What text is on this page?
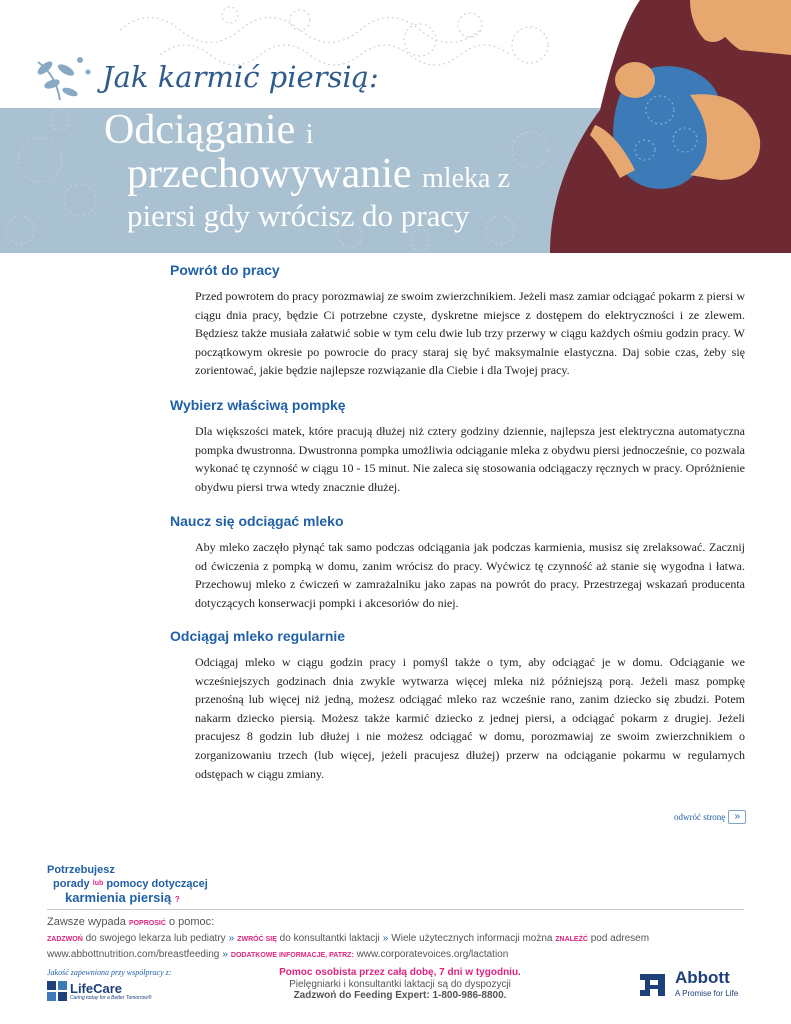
Jak karmić piersią:
Odciąganie i
przechowywanie mleka z
piersi gdy wrócisz do pracy
Powrót do pracy

Przed powrotem do pracy porozmawiaj ze swoim zwierzchnikiem. Jeżeli masz zamiar odciągać pokarm z piersi w ciągu dnia pracy, będzie Ci potrzebne czyste, dyskretne miejsce z dostępem do elektryczności i ze zlewem. Będziesz także musiała załatwić sobie w tym celu dwie lub trzy przerwy w ciągu każdych ośmiu godzin pracy. W początkowym okresie po powrocie do pracy staraj się być maksymalnie elastyczna. Daj sobie czas, żeby się zorientować, jakie będzie najlepsze rozwiązanie dla Ciebie i dla Twojej pracy.

Wybierz właściwą pompkę

Dla większości matek, które pracują dłużej niż cztery godziny dziennie, najlepsza jest elektryczna automatyczna pompka dwustronna. Dwustronna pompka umożliwia odciąganie mleka z obydwu piersi jednocześnie, co pozwala wykonać tę czynność w ciągu 10 - 15 minut. Nie zaleca się stosowania odciągaczy ręcznych w pracy. Opróżnienie obydwu piersi trwa wtedy znacznie dłużej.

Naucz się odciągać mleko

Aby mleko zaczęło płynąć tak samo podczas odciągania jak podczas karmienia, musisz się zrelaksować. Zacznij od ćwiczenia z pompką w domu, zanim wrócisz do pracy. Wyćwicz tę czynność aż stanie się wygodna i łatwa. Przechowuj mleko z ćwiczeń w zamrażalniku jako zapas na powrót do pracy. Przestrzegaj wskazań producenta dotyczących konserwacji pompki i akcesoriów do niej.

Odciągaj mleko regularnie

Odciągaj mleko w ciągu godzin pracy i pomyśl także o tym, aby odciągać je w domu. Odciąganie we wcześniejszych godzinach dnia zwykle wytwarza więcej mleka niż późniejszą porą. Jeżeli masz pompkę przenośną lub więcej niż jedną, możesz odciągać mleko raz wcześnie rano, zanim dziecko się zbudzi. Potem nakarm dziecko piersią. Możesz także karmić dziecko z jednej piersi, a odciągać pokarm z drugiej. Jeżeli pracujesz 8 godzin lub dłużej i nie możesz odciągać w domu, porozmawiaj ze swoim zwierzchnikiem o zorganizowaniu trzech (lub więcej, jeżeli pracujesz dłużej) przerw na odciąganie pokarmu w regularnych odstępach w ciągu zmiany.

odwróć stronę »
Potrzebujesz
porady lub pomocy dotyczącej
karmienia piersią ?
Zawsze wypada POPROSIĆ o pomoc:
ZADZWOŃ do swojego lekarza lub pediatry » ZWRÓĆ SIĘ do konsultantki laktacji » Wiele użytecznych informacji można ZNALEŹĆ pod adresem
www.abbottnutrition.com/breastfeeding » DODATKOWE INFORMACJE, PATRZ: www.corporatevoices.org/lactation
Jakość zapewniona przy współpracy z:
LifeCare
Caring today for a Better Tomorrow®
Pomoc osobista przez całą dobę, 7 dni w tygodniu.
Pielęgniarki i konsultantki laktacji są do dyspozycji
Zadzwoń do Feeding Expert: 1-800-986-8800.
Abbott
A Promise for Life
